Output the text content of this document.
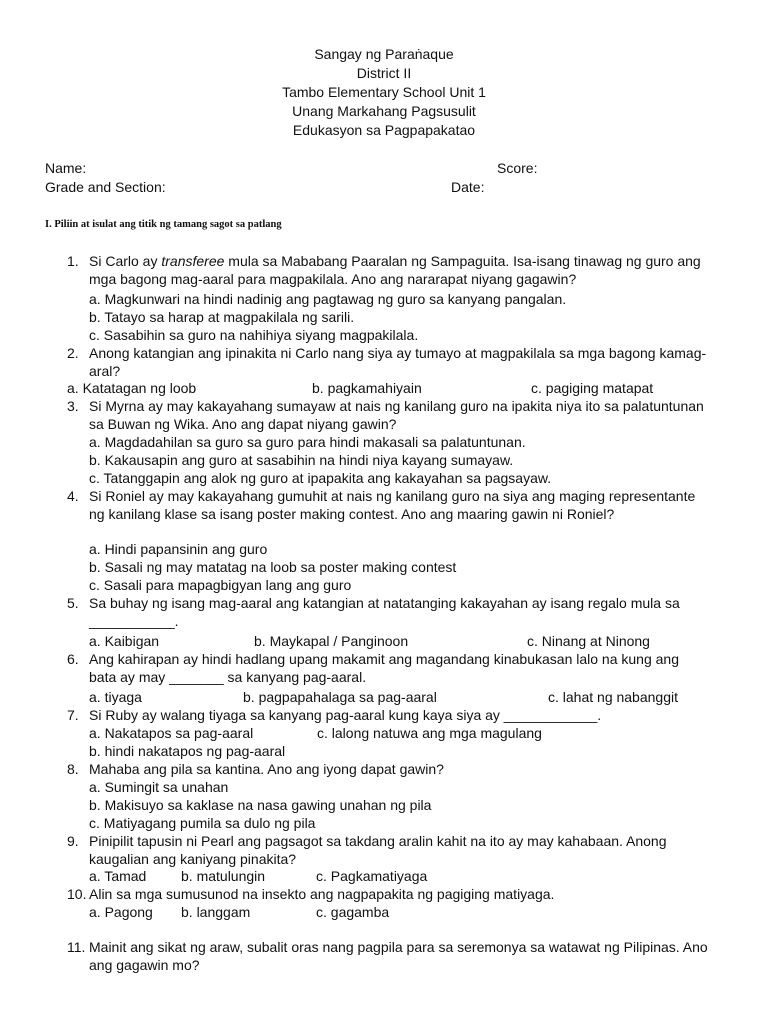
Sangay ng Paraṅaque
District II
Tambo Elementary School Unit 1
Unang Markahang Pagsusulit
Edukasyon sa Pagpapakatao
Name:	Score:
Grade and Section:	Date:
I. Piliin at isulat ang titik ng tamang sagot sa patlang
1. Si Carlo ay transferee mula sa Mababang Paaralan ng Sampaguita. Isa-isang tinawag ng guro ang mga bagong mag-aaral para magpakilala. Ano ang nararapat niyang gagawin?
a. Magkunwari na hindi nadinig ang pagtawag ng guro sa kanyang pangalan.
b. Tatayo sa harap at magpakilala ng sarili.
c. Sasabihin sa guro na nahihiya siyang magpakilala.
2. Anong katangian ang ipinakita ni Carlo nang siya ay tumayo at magpakilala sa mga bagong kamag-aral?
a. Katatagan ng loob	b. pagkamahiyain	c. pagiging matapat
3. Si Myrna ay may kakayahang sumayaw at nais ng kanilang guro na ipakita niya ito sa palatuntunan sa Buwan ng Wika. Ano ang dapat niyang gawin?
a. Magdadahilan sa guro sa guro para hindi makasali sa palatuntunan.
b. Kakausapin ang guro at sasabihin na hindi niya kayang sumayaw.
c. Tatanggapin ang alok ng guro at ipapakita ang kakayahan sa pagsayaw.
4. Si Roniel ay may kakayahang gumuhit at nais ng kanilang guro na siya ang maging representante ng kanilang klase sa isang poster making contest. Ano ang maaring gawin ni Roniel?
a. Hindi papansinin ang guro
b. Sasali ng may matatag na loob sa poster making contest
c. Sasali para mapagbigyan lang ang guro
5. Sa buhay ng isang mag-aaral ang katangian at natatanging kakayahan ay isang regalo mula sa ___________.
a. Kaibigan	b. Maykapal / Panginoon	c. Ninang at Ninong
6. Ang kahirapan ay hindi hadlang upang makamit ang magandang kinabukasan lalo na kung ang bata ay may _______ sa kanyang pag-aaral.
a. tiyaga	b. pagpapahalaga sa pag-aaral	c. lahat ng nabanggit
7. Si Ruby ay walang tiyaga sa kanyang pag-aaral kung kaya siya ay ____________.
a. Nakatapos sa pag-aaral	c. lalong natuwa ang mga magulang
b. hindi nakatapos ng pag-aaral
8. Mahaba ang pila sa kantina. Ano ang iyong dapat gawin?
a. Sumingit sa unahan
b. Makisuyo sa kaklase na nasa gawing unahan ng pila
c. Matiyagang pumila sa dulo ng pila
9. Pinipilit tapusin ni Pearl ang pagsagot sa takdang aralin kahit na ito ay may kahabaan. Anong kaugalian ang kaniyang pinakita?
a. Tamad b. matulungin	c. Pagkamatiyaga
10. Alin sa mga sumusunod na insekto ang nagpapakita ng pagiging matiyaga.
a. Pagong b. langgam	c. gagamba
11. Mainit ang sikat ng araw, subalit oras nang pagpila para sa seremonya sa watawat ng Pilipinas. Ano ang gagawin mo?
